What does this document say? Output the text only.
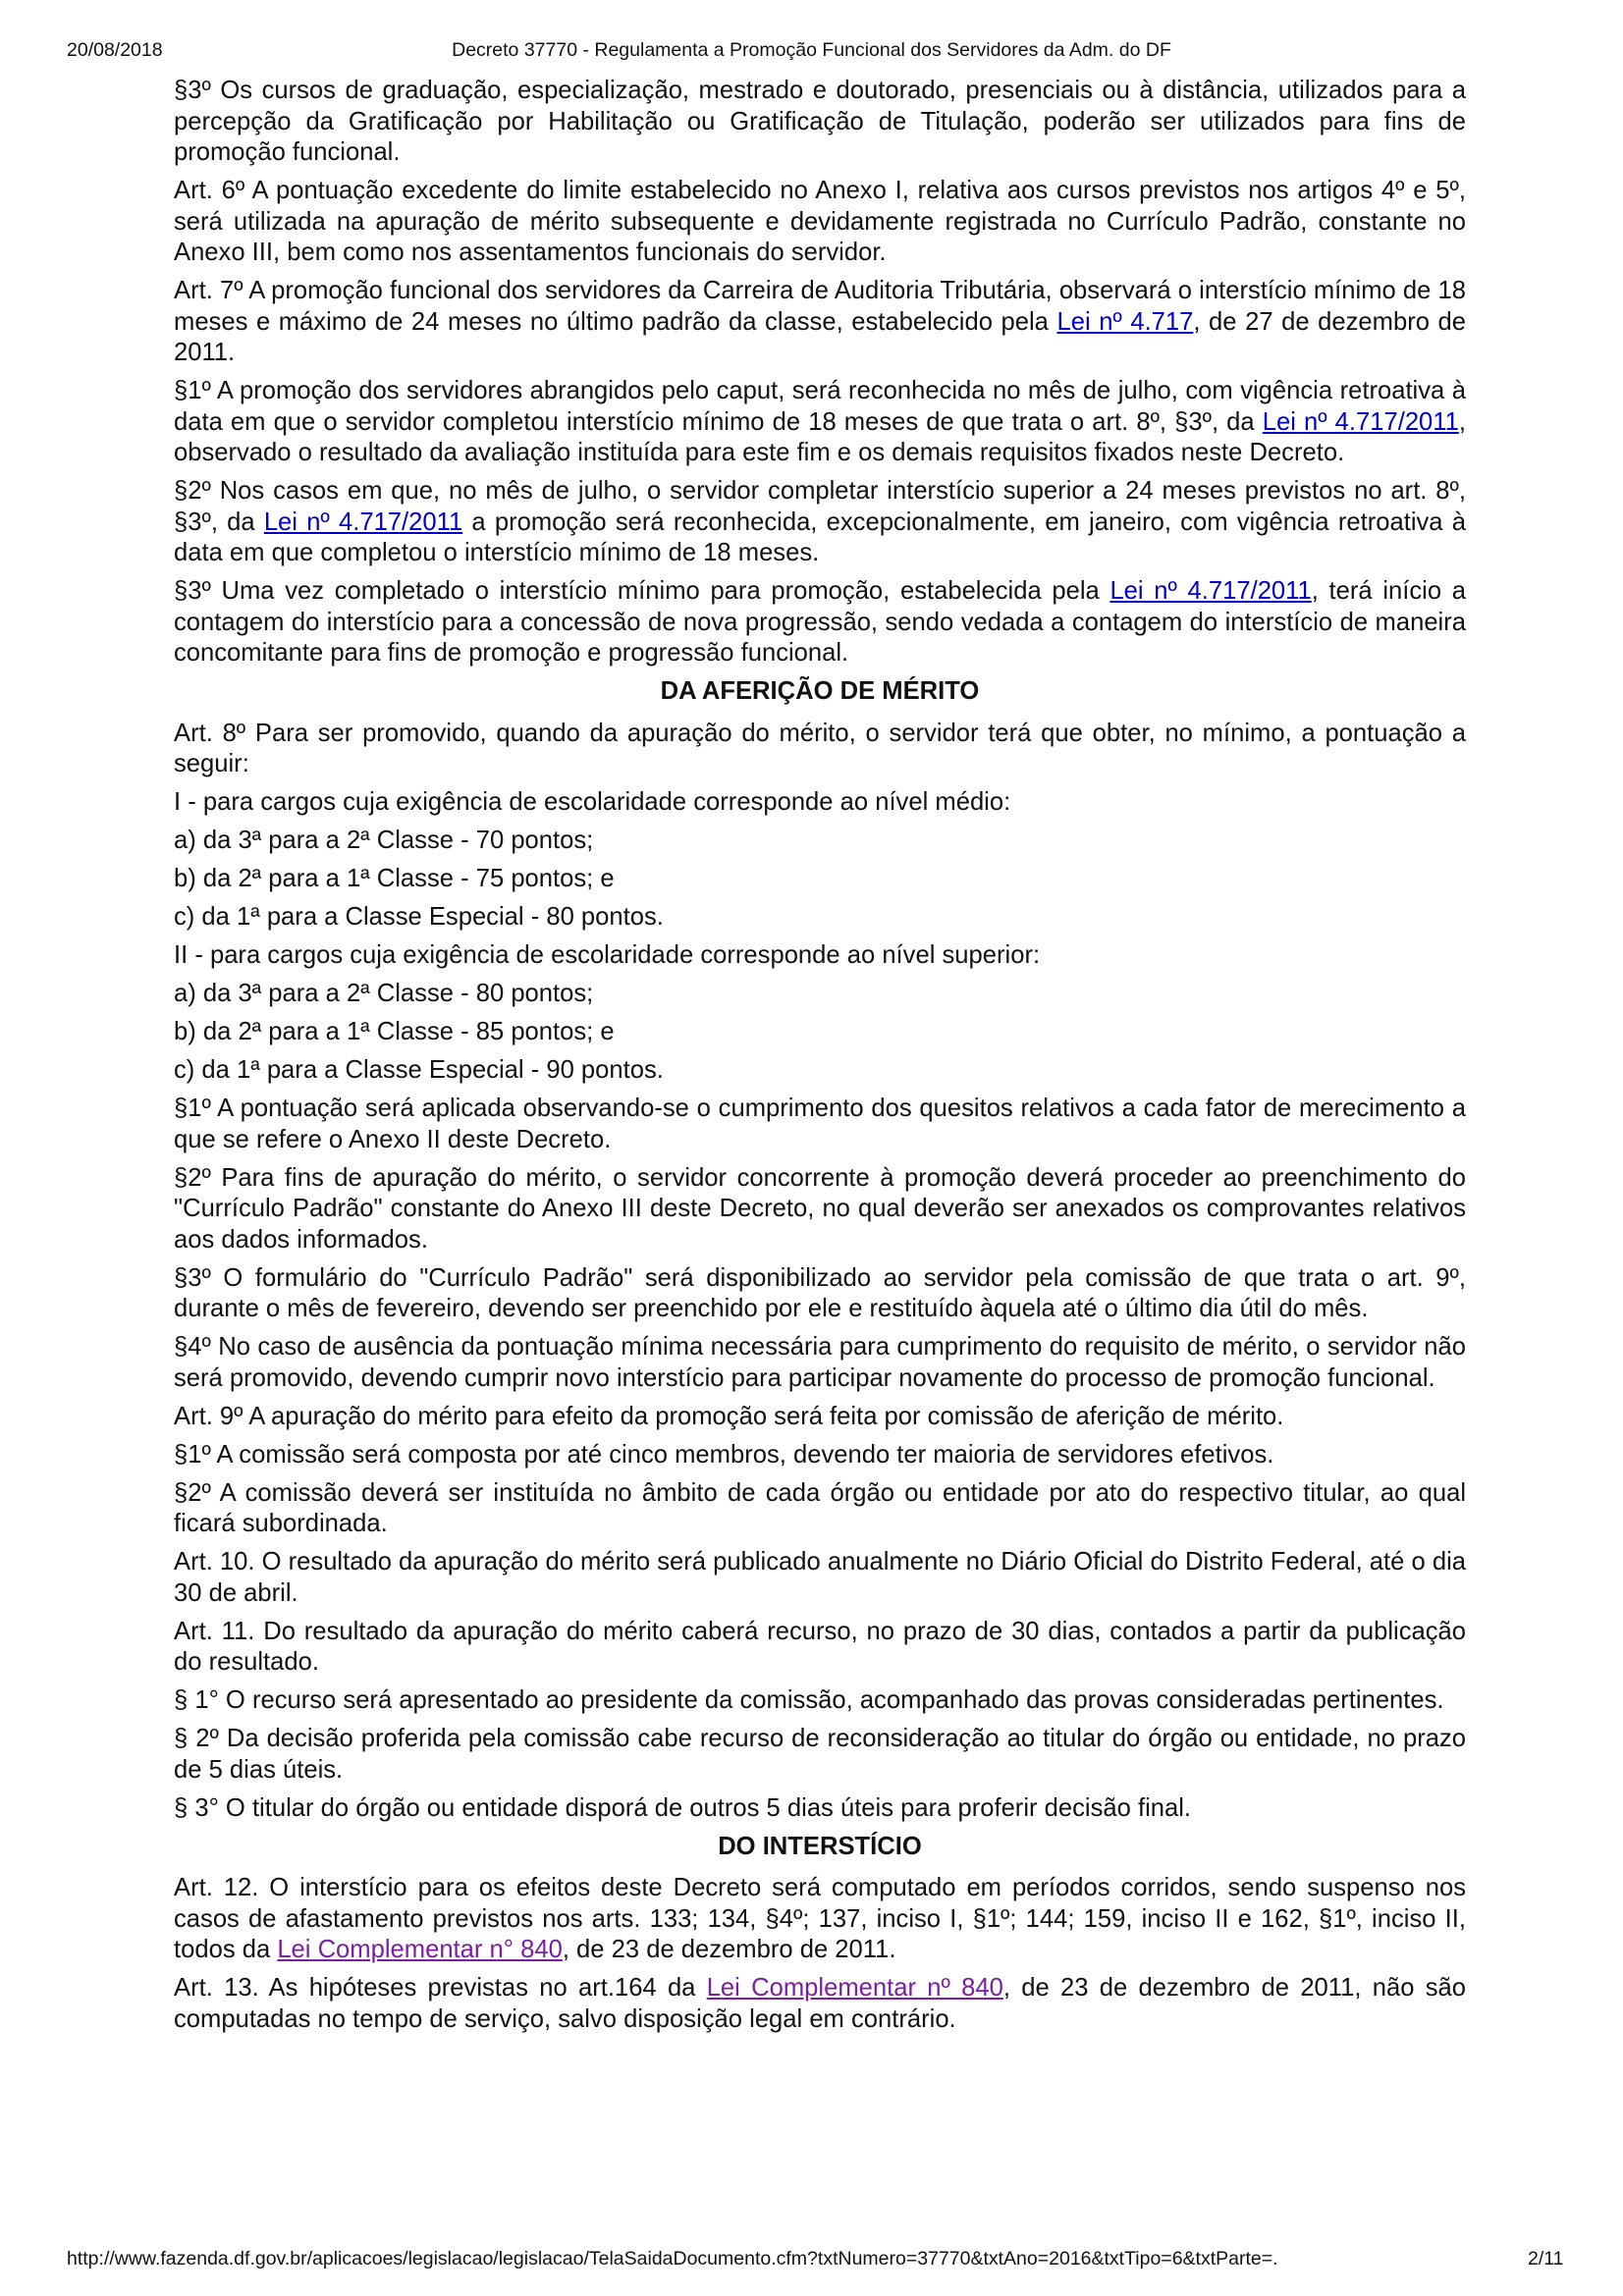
20/08/2018	Decreto 37770 - Regulamenta a Promoção Funcional dos Servidores da Adm. do DF

§3º Os cursos de graduação, especialização, mestrado e doutorado, presenciais ou à distância, utilizados para a percepção da Gratificação por Habilitação ou Gratificação de Titulação, poderão ser utilizados para fins de promoção funcional.

Art. 6º A pontuação excedente do limite estabelecido no Anexo I, relativa aos cursos previstos nos artigos 4º e 5º, será utilizada na apuração de mérito subsequente e devidamente registrada no Currículo Padrão, constante no Anexo III, bem como nos assentamentos funcionais do servidor.

Art. 7º A promoção funcional dos servidores da Carreira de Auditoria Tributária, observará o interstício mínimo de 18 meses e máximo de 24 meses no último padrão da classe, estabelecido pela Lei nº 4.717, de 27 de dezembro de 2011.

§1º A promoção dos servidores abrangidos pelo caput, será reconhecida no mês de julho, com vigência retroativa à data em que o servidor completou interstício mínimo de 18 meses de que trata o art. 8º, §3º, da Lei nº 4.717/2011, observado o resultado da avaliação instituída para este fim e os demais requisitos fixados neste Decreto.

§2º Nos casos em que, no mês de julho, o servidor completar interstício superior a 24 meses previstos no art. 8º, §3º, da Lei nº 4.717/2011 a promoção será reconhecida, excepcionalmente, em janeiro, com vigência retroativa à data em que completou o interstício mínimo de 18 meses.

§3º Uma vez completado o interstício mínimo para promoção, estabelecida pela Lei nº 4.717/2011, terá início a contagem do interstício para a concessão de nova progressão, sendo vedada a contagem do interstício de maneira concomitante para fins de promoção e progressão funcional.

DA AFERIÇÃO DE MÉRITO

Art. 8º Para ser promovido, quando da apuração do mérito, o servidor terá que obter, no mínimo, a pontuação a seguir:

I - para cargos cuja exigência de escolaridade corresponde ao nível médio:

a) da 3ª para a 2ª Classe - 70 pontos;

b) da 2ª para a 1ª Classe - 75 pontos; e

c) da 1ª para a Classe Especial - 80 pontos.

II - para cargos cuja exigência de escolaridade corresponde ao nível superior:

a) da 3ª para a 2ª Classe - 80 pontos;

b) da 2ª para a 1ª Classe - 85 pontos; e

c) da 1ª para a Classe Especial - 90 pontos.

§1º A pontuação será aplicada observando-se o cumprimento dos quesitos relativos a cada fator de merecimento a que se refere o Anexo II deste Decreto.

§2º Para fins de apuração do mérito, o servidor concorrente à promoção deverá proceder ao preenchimento do "Currículo Padrão" constante do Anexo III deste Decreto, no qual deverão ser anexados os comprovantes relativos aos dados informados.

§3º O formulário do "Currículo Padrão" será disponibilizado ao servidor pela comissão de que trata o art. 9º, durante o mês de fevereiro, devendo ser preenchido por ele e restituído àquela até o último dia útil do mês.

§4º No caso de ausência da pontuação mínima necessária para cumprimento do requisito de mérito, o servidor não será promovido, devendo cumprir novo interstício para participar novamente do processo de promoção funcional.

Art. 9º A apuração do mérito para efeito da promoção será feita por comissão de aferição de mérito.

§1º A comissão será composta por até cinco membros, devendo ter maioria de servidores efetivos.

§2º A comissão deverá ser instituída no âmbito de cada órgão ou entidade por ato do respectivo titular, ao qual ficará subordinada.

Art. 10. O resultado da apuração do mérito será publicado anualmente no Diário Oficial do Distrito Federal, até o dia 30 de abril.

Art. 11. Do resultado da apuração do mérito caberá recurso, no prazo de 30 dias, contados a partir da publicação do resultado.

§ 1° O recurso será apresentado ao presidente da comissão, acompanhado das provas consideradas pertinentes.

§ 2º Da decisão proferida pela comissão cabe recurso de reconsideração ao titular do órgão ou entidade, no prazo de 5 dias úteis.

§ 3° O titular do órgão ou entidade disporá de outros 5 dias úteis para proferir decisão final.

DO INTERSTÍCIO

Art. 12. O interstício para os efeitos deste Decreto será computado em períodos corridos, sendo suspenso nos casos de afastamento previstos nos arts. 133; 134, §4º; 137, inciso I, §1º; 144; 159, inciso II e 162, §1º, inciso II, todos da Lei Complementar n° 840, de 23 de dezembro de 2011.

Art. 13. As hipóteses previstas no art.164 da Lei Complementar nº 840, de 23 de dezembro de 2011, não são computadas no tempo de serviço, salvo disposição legal em contrário.

http://www.fazenda.df.gov.br/aplicacoes/legislacao/legislacao/TelaSaidaDocumento.cfm?txtNumero=37770&txtAno=2016&txtTipo=6&txtParte=.	2/11
